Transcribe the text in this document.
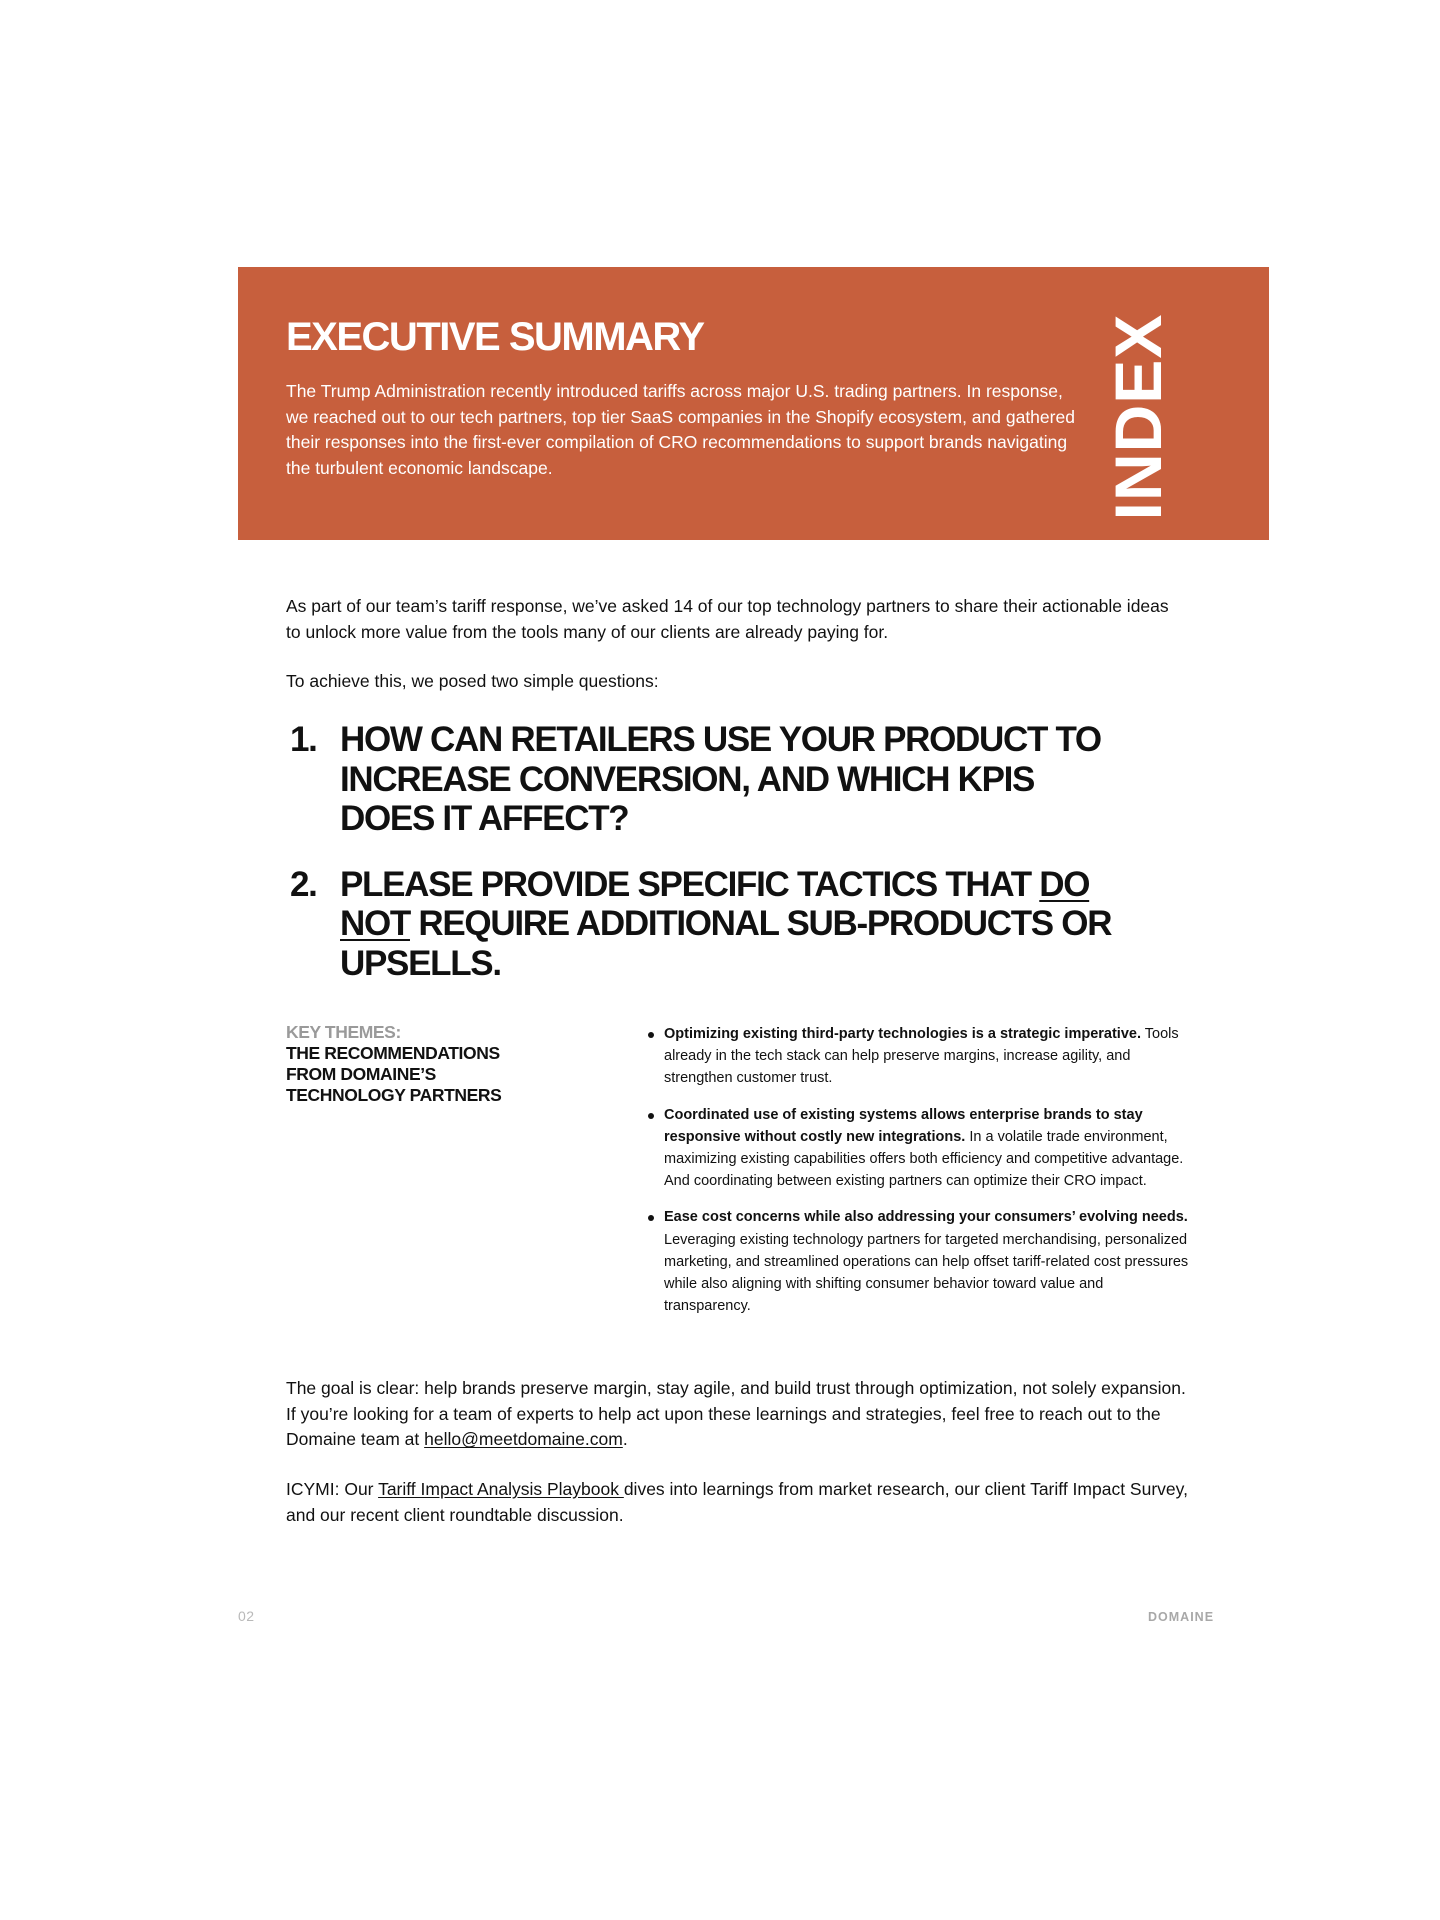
EXECUTIVE SUMMARY

The Trump Administration recently introduced tariffs across major U.S. trading partners. In response, we reached out to our tech partners, top tier SaaS companies in the Shopify ecosystem, and gathered their responses into the first-ever compilation of CRO recommendations to support brands navigating the turbulent economic landscape.	INDEX

As part of our team’s tariff response, we’ve asked 14 of our top technology partners to share their actionable ideas to unlock more value from the tools many of our clients are already paying for.

To achieve this, we posed two simple questions:

1. HOW CAN RETAILERS USE YOUR PRODUCT TO INCREASE CONVERSION, AND WHICH KPIS DOES IT AFFECT?
2. PLEASE PROVIDE SPECIFIC TACTICS THAT DO NOT REQUIRE ADDITIONAL SUB-PRODUCTS OR UPSELLS.
KEY THEMES:
THE RECOMMENDATIONS FROM DOMAINE’S TECHNOLOGY PARTNERS
Optimizing existing third-party technologies is a strategic imperative. Tools already in the tech stack can help preserve margins, increase agility, and strengthen customer trust.
Coordinated use of existing systems allows enterprise brands to stay responsive without costly new integrations. In a volatile trade environment, maximizing existing capabilities offers both efficiency and competitive advantage. And coordinating between existing partners can optimize their CRO impact.
Ease cost concerns while also addressing your consumers’ evolving needs. Leveraging existing technology partners for targeted merchandising, personalized marketing, and streamlined operations can help offset tariff-related cost pressures while also aligning with shifting consumer behavior toward value and transparency.

The goal is clear: help brands preserve margin, stay agile, and build trust through optimization, not solely expansion. If you’re looking for a team of experts to help act upon these learnings and strategies, feel free to reach out to the Domaine team at hello@meetdomaine.com.

ICYMI: Our Tariff Impact Analysis Playbook dives into learnings from market research, our client Tariff Impact Survey, and our recent client roundtable discussion.

02	DOMAINE
